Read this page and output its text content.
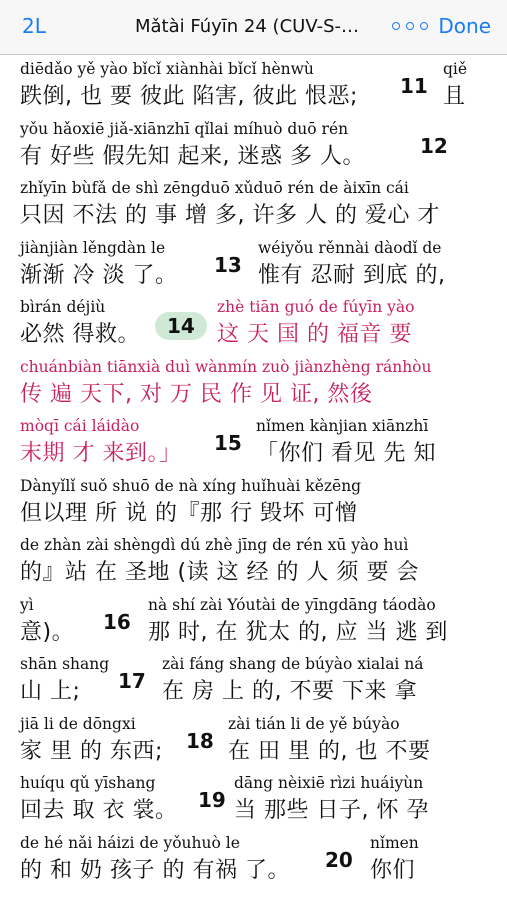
2L	Mǎtài Fúyīn 24 (CUV-S-…	Done
diēdǎo yě yào bǐcǐ xiànhài bǐcǐ hènwù	qiě
跌倒, 也 要 彼此 陷害, 彼此 恨恶;	且
11
yǒu hǎoxiē jiǎ-xiānzhī qǐlai míhuò duō rén
有 好些 假先知 起来, 迷惑 多 人。	12
zhǐyīn bùfǎ de shì zēngduō xǔduō rén de àixīn cái
只因 不法 的 事 增 多, 许多 人 的 爱心 才
jiànjiàn lěngdàn le	wéiyǒu rěnnài dàodǐ de
渐渐 冷 淡 了。	惟有 忍耐 到底 的,
13
bìrán déjiù	zhè tiān guó de fúyīn yào
必然 得救。	这 天 国 的 福音 要
14
chuánbiàn tiānxià duì wànmín zuò jiànzhèng ránhòu
传 遍 天下, 对 万 民 作 见 证, 然後
mòqī cái láidào	nǐmen kànjian xiānzhī
末期 才 来到。」	「你们 看见 先 知
15
Dànyǐlǐ suǒ shuō de nà xíng huǐhuài kězēng
但以理 所 说 的『那 行 毁坏 可憎
de zhàn zài shèngdì dú zhè jīng de rén xū yào huì
的』站 在 圣地 (读 这 经 的 人 须 要 会
yì	nà shí zài Yóutài de yīngdāng táodào
意)。	那 时, 在 犹太 的, 应 当 逃 到
16
shān shang	zài fáng shang de búyào xialai ná
山 上;	在 房 上 的, 不要 下来 拿
17
jiā li de dōngxi	zài tián li de yě búyào
家 里 的 东西;	在 田 里 的, 也 不要
18
huíqu qǔ yīshang	dāng nèixiē rìzi huáiyùn
回去 取 衣 裳。	当 那些 日子, 怀 孕
19
de hé nǎi háizi de yǒuhuò le	nǐmen
的 和 奶 孩子 的 有祸 了。	你们
20
